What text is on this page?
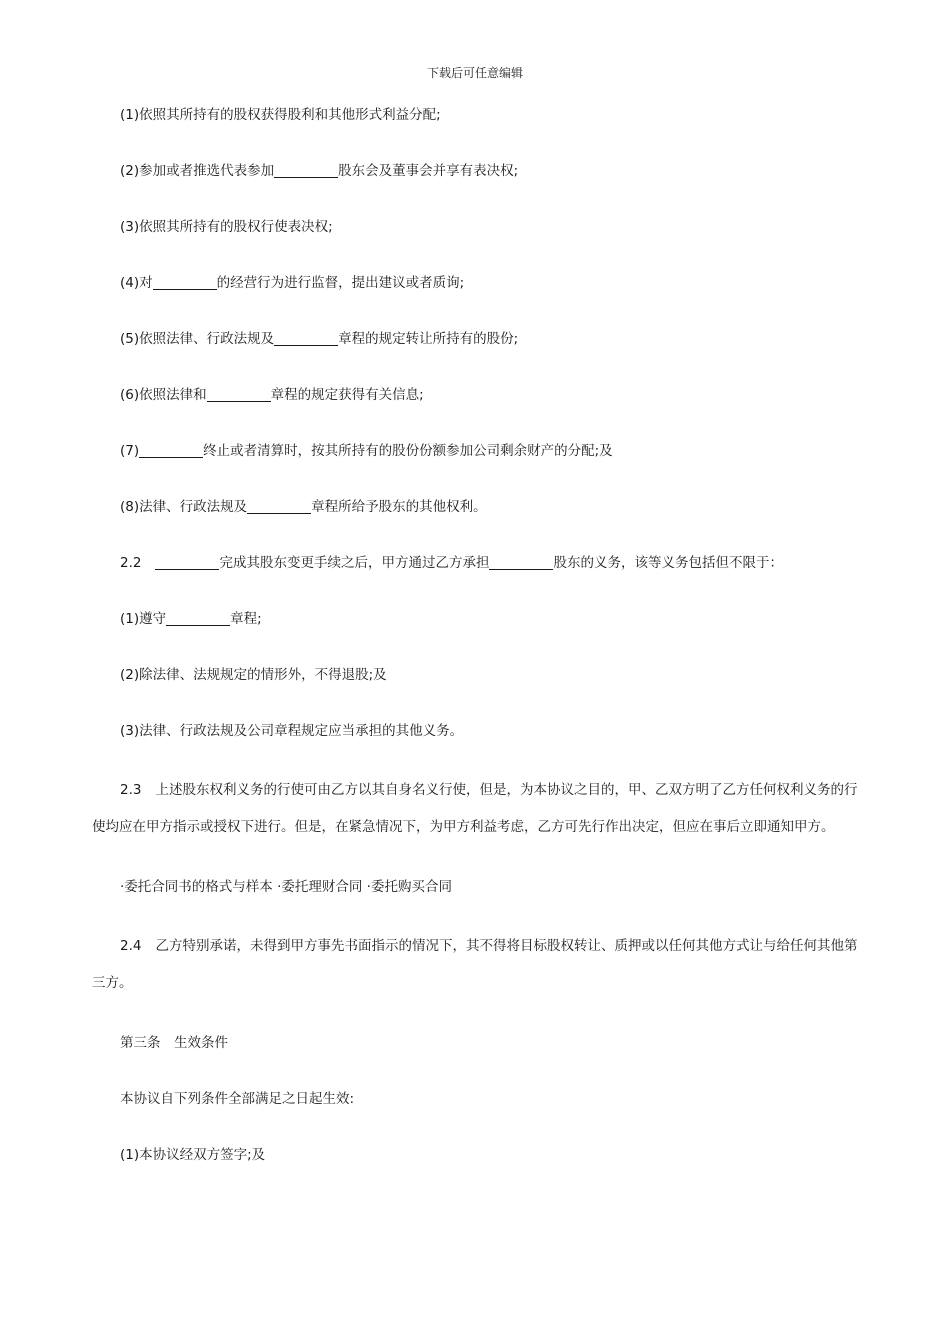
下载后可任意编辑

(1)依照其所持有的股权获得股利和其他形式利益分配;

(2)参加或者推选代表参加	股东会及董事会并享有表决权;

(3)依照其所持有的股权行使表决权;

(4)对	的经营行为进行监督，提出建议或者质询;

(5)依照法律、行政法规及	章程的规定转让所持有的股份;

(6)依照法律和	章程的规定获得有关信息;

(7)	终止或者清算时，按其所持有的股份份额参加公司剩余财产的分配;及

(8)法律、行政法规及	章程所给予股东的其他权利。

2.2	完成其股东变更手续之后，甲方通过乙方承担	股东的义务，该等义务包括但不限于：

(1)遵守	章程;

(2)除法律、法规规定的情形外，不得退股;及

(3)法律、行政法规及公司章程规定应当承担的其他义务。

2.3 上述股东权利义务的行使可由乙方以其自身名义行使，但是，为本协议之目的，甲、乙双方明了乙方任何权利义务的行使均应在甲方指示或授权下进行。但是，在紧急情况下，为甲方利益考虑，乙方可先行作出决定，但应在事后立即通知甲方。

·委托合同书的格式与样本 ·委托理财合同 ·委托购买合同

2.4 乙方特别承诺，未得到甲方事先书面指示的情况下，其不得将目标股权转让、质押或以任何其他方式让与给任何其他第三方。

第三条　生效条件

本协议自下列条件全部满足之日起生效:

(1)本协议经双方签字;及
